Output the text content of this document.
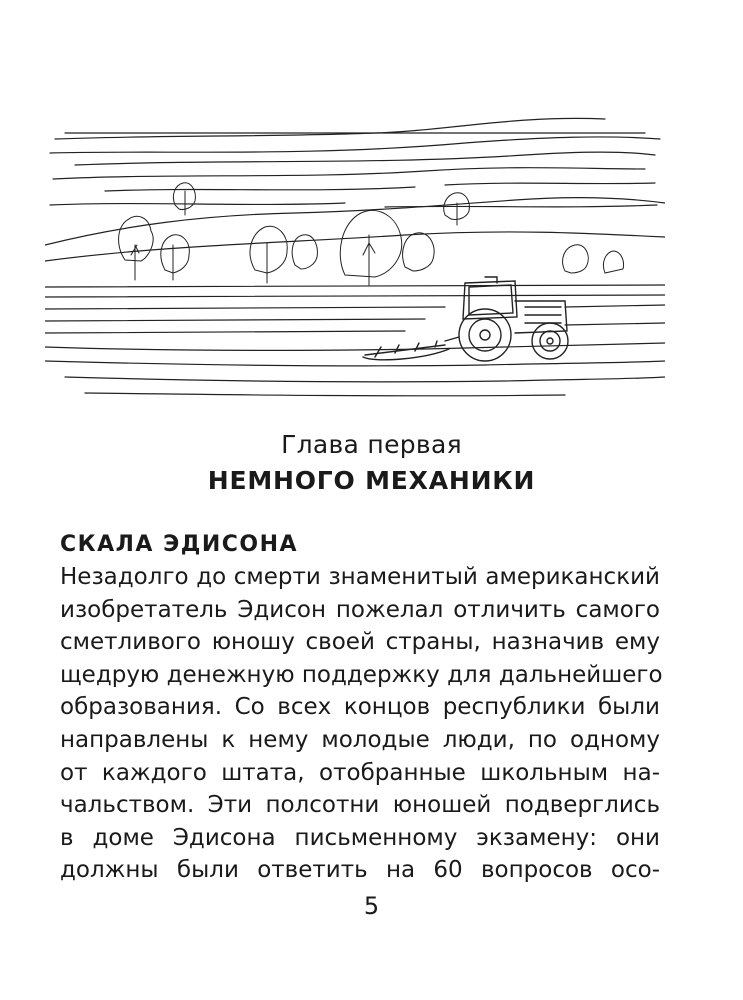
Глава первая
НЕМНОГО МЕХАНИКИ
СКАЛА ЭДИСОНА
Незадолго до смерти знаменитый американский
изобретатель Эдисон пожелал отличить самого
сметливого юношу своей страны, назначив ему
щедрую денежную поддержку для дальнейшего
образования. Со всех концов республики были
направлены к нему молодые люди, по одному
от каждого штата, отобранные школьным на-
чальством. Эти полсотни юношей подверглись
в доме Эдисона письменному экзамену: они
должны были ответить на 60 вопросов осо-
5
